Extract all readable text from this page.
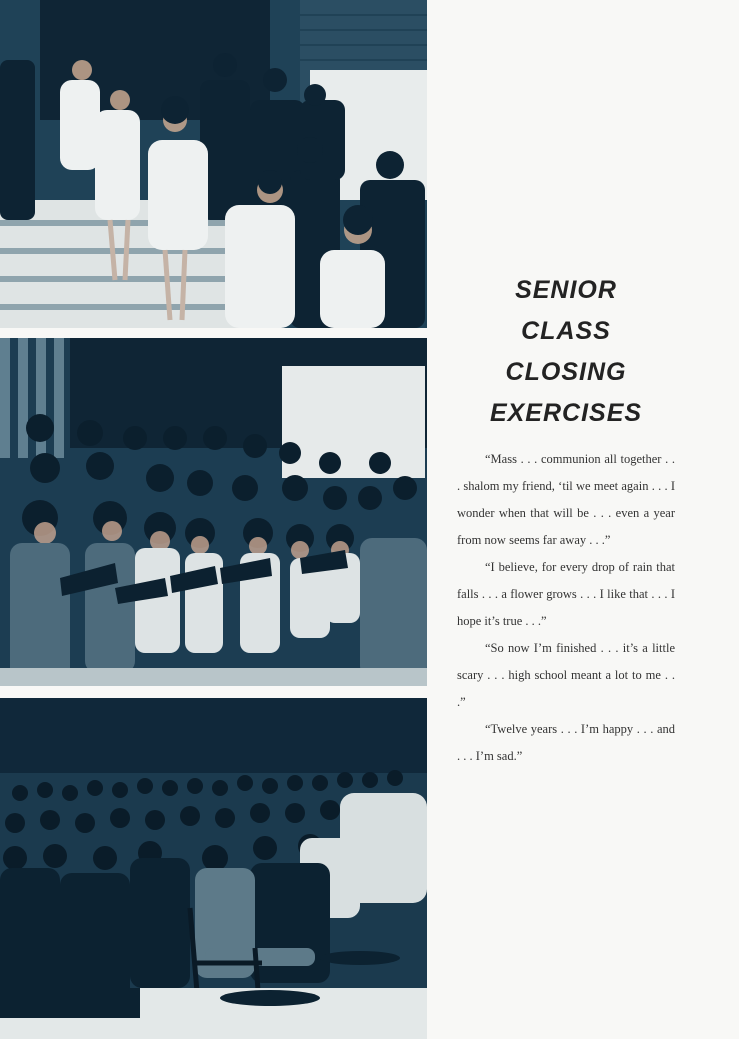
SENIOR
CLASS
CLOSING
EXERCISES

“Mass . . . communion all together . . . shalom my friend, ‘til we meet again . . . I wonder when that will be . . . even a year from now seems far away . . .”

“I believe, for every drop of rain that falls . . . a flower grows . . . I like that . . . I hope it’s true . . .”

“So now I’m finished . . . it’s a little scary . . . high school meant a lot to me . . .”

“Twelve years . . . I’m happy . . . and . . . I’m sad.”
